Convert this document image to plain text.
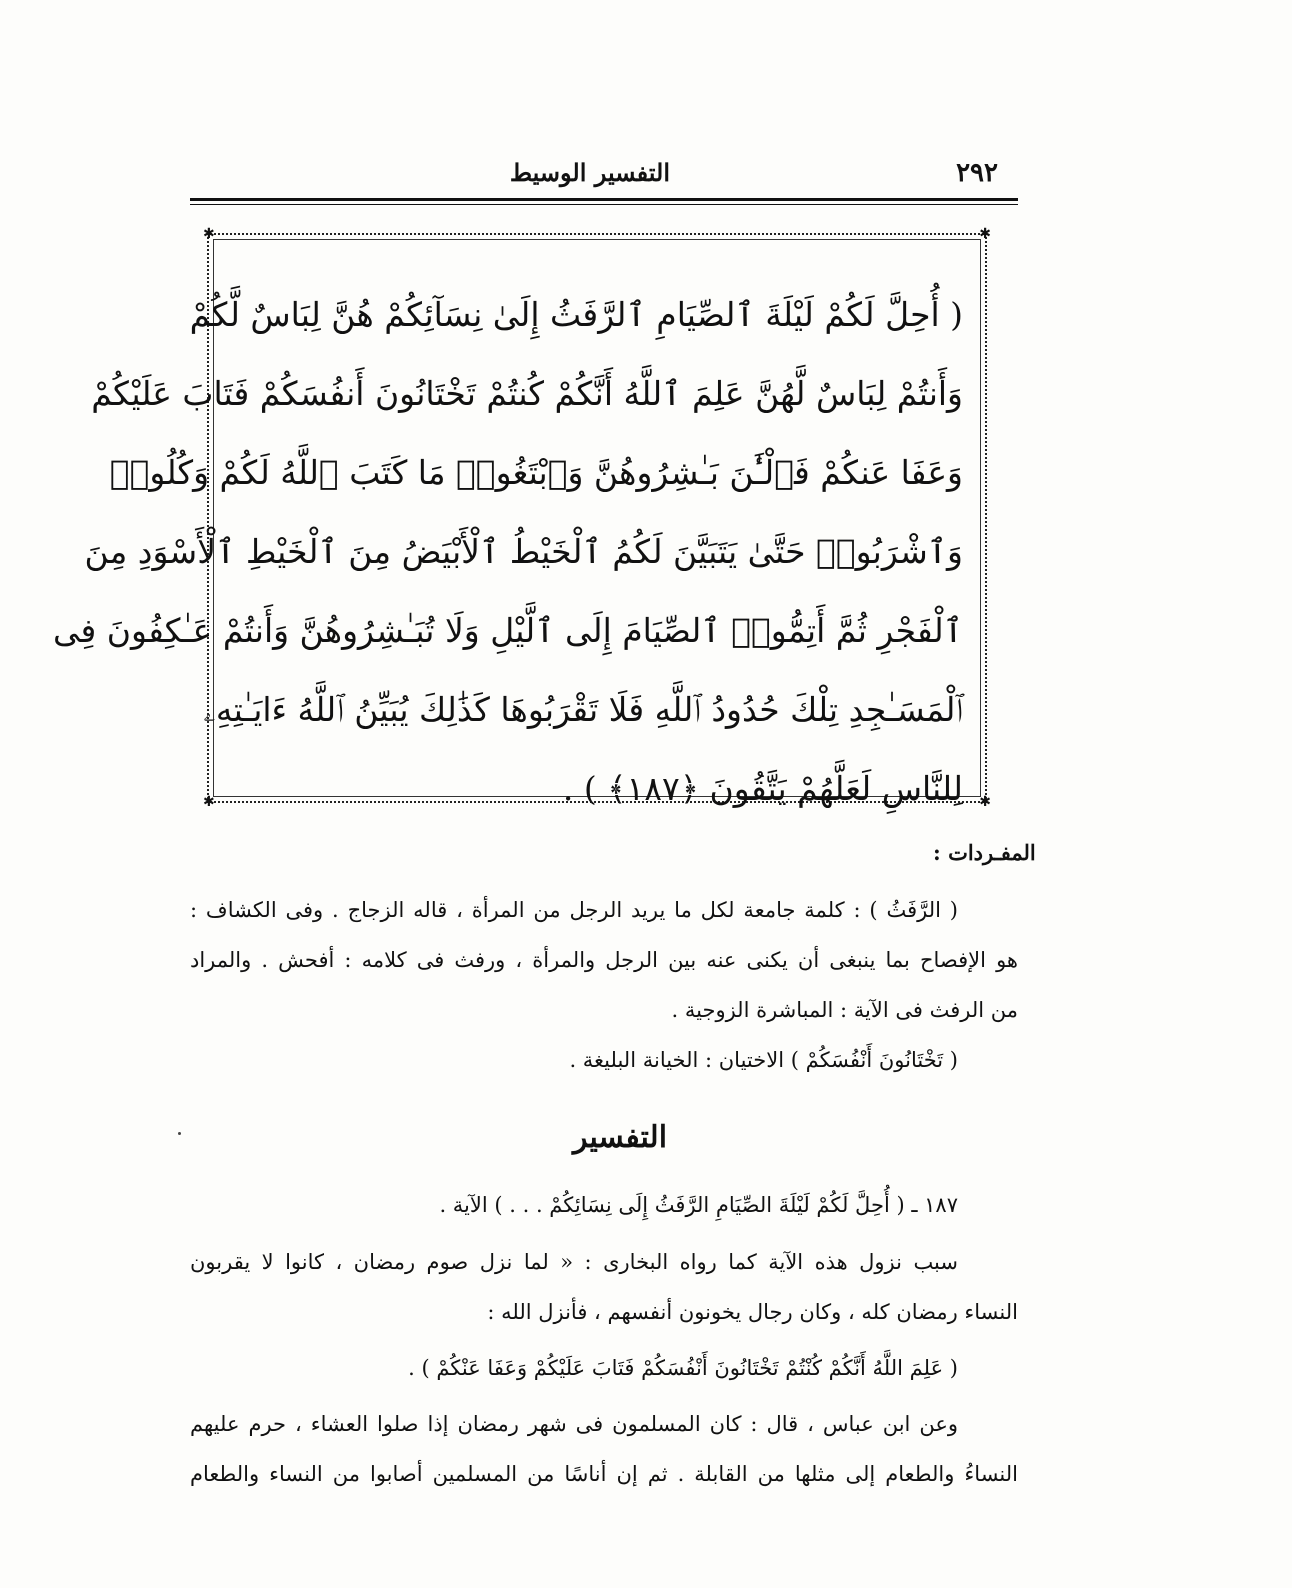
٢٩٢
التفسير الوسيط
✱	✱
✱	✱
( أُحِلَّ لَكُمْ لَيْلَةَ ٱلصِّيَامِ ٱلرَّفَثُ إِلَىٰ نِسَآئِكُمْ هُنَّ لِبَاسٌ لَّكُمْ
وَأَنتُمْ لِبَاسٌ لَّهُنَّ عَلِمَ ٱللَّهُ أَنَّكُمْ كُنتُمْ تَخْتَانُونَ أَنفُسَكُمْ فَتَابَ عَلَيْكُمْ
وَعَفَا عَنكُمْ فَٱلْـَٰٔنَ بَـٰشِرُوهُنَّ وَٱبْتَغُوا۟ مَا كَتَبَ ٱللَّهُ لَكُمْ وَكُلُوا۟
وَٱشْرَبُوا۟ حَتَّىٰ يَتَبَيَّنَ لَكُمُ ٱلْخَيْطُ ٱلْأَبْيَضُ مِنَ ٱلْخَيْطِ ٱلْأَسْوَدِ مِنَ
ٱلْفَجْرِ ثُمَّ أَتِمُّوا۟ ٱلصِّيَامَ إِلَى ٱلَّيْلِ وَلَا تُبَـٰشِرُوهُنَّ وَأَنتُمْ عَـٰكِفُونَ فِى
ٱلْمَسَـٰجِدِ تِلْكَ حُدُودُ ٱللَّهِ فَلَا تَقْرَبُوهَا كَذَٰلِكَ يُبَيِّنُ ٱللَّهُ ءَايَـٰتِهِۦ
لِلنَّاسِ لَعَلَّهُمْ يَتَّقُونَ ﴿١٨٧﴾ ) .
المفـردات :
( الرَّفَثُ ) : كلمة جامعة لكل ما يريد الرجل من المرأة ، قاله الزجاج . وفى الكشاف :
هو الإفصاح بما ينبغى أن يكنى عنه بين الرجل والمرأة ، ورفث فى كلامه : أفحش . والمراد
من الرفث فى الآية : المباشرة الزوجية .
( تَخْتَانُونَ أَنْفُسَكُمْ ) الاختيان : الخيانة البليغة .
التفسير
١٨٧ ـ ( أُحِلَّ لَكُمْ لَيْلَةَ الصِّيَامِ الرَّفَثُ إِلَى نِسَائِكُمْ . . . ) الآية .
سبب نزول هذه الآية كما رواه البخارى : « لما نزل صوم رمضان ، كانوا لا يقربون
النساء رمضان كله ، وكان رجال يخونون أنفسهم ، فأنزل الله :
( عَلِمَ اللَّهُ أَنَّكُمْ كُنْتُمْ تَخْتَانُونَ أَنْفُسَكُمْ فَتَابَ عَلَيْكُمْ وَعَفَا عَنْكُمْ ) .
وعن ابن عباس ، قال : كان المسلمون فى شهر رمضان إذا صلوا العشاء ، حرم عليهم
النساءُ والطعام إلى مثلها من القابلة . ثم إن أناسًا من المسلمين أصابوا من النساء والطعام
